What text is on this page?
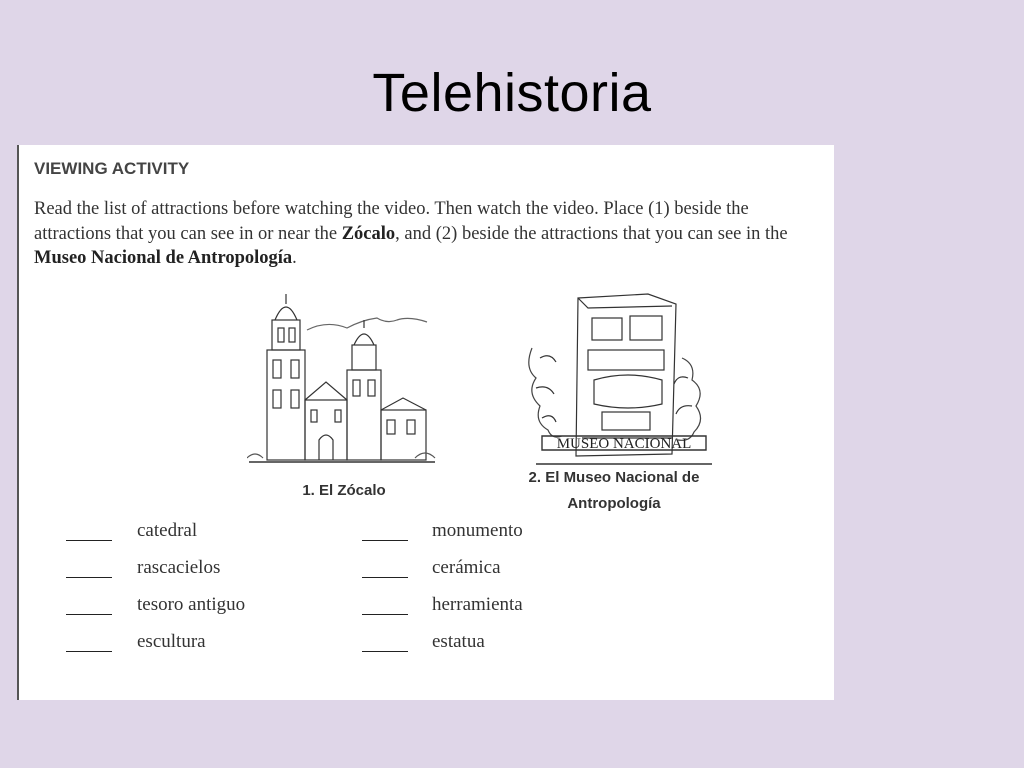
Telehistoria
VIEWING ACTIVITY
Read the list of attractions before watching the video. Then watch the video. Place (1) beside the attractions that you can see in or near the Zócalo, and (2) beside the attractions that you can see in the Museo Nacional de Antropología.
1. El Zócalo
MUSEO NACIONAL
2. El Museo Nacional de
Antropología
catedral	monumento
rascacielos	cerámica
tesoro antiguo	herramienta
escultura	estatua
